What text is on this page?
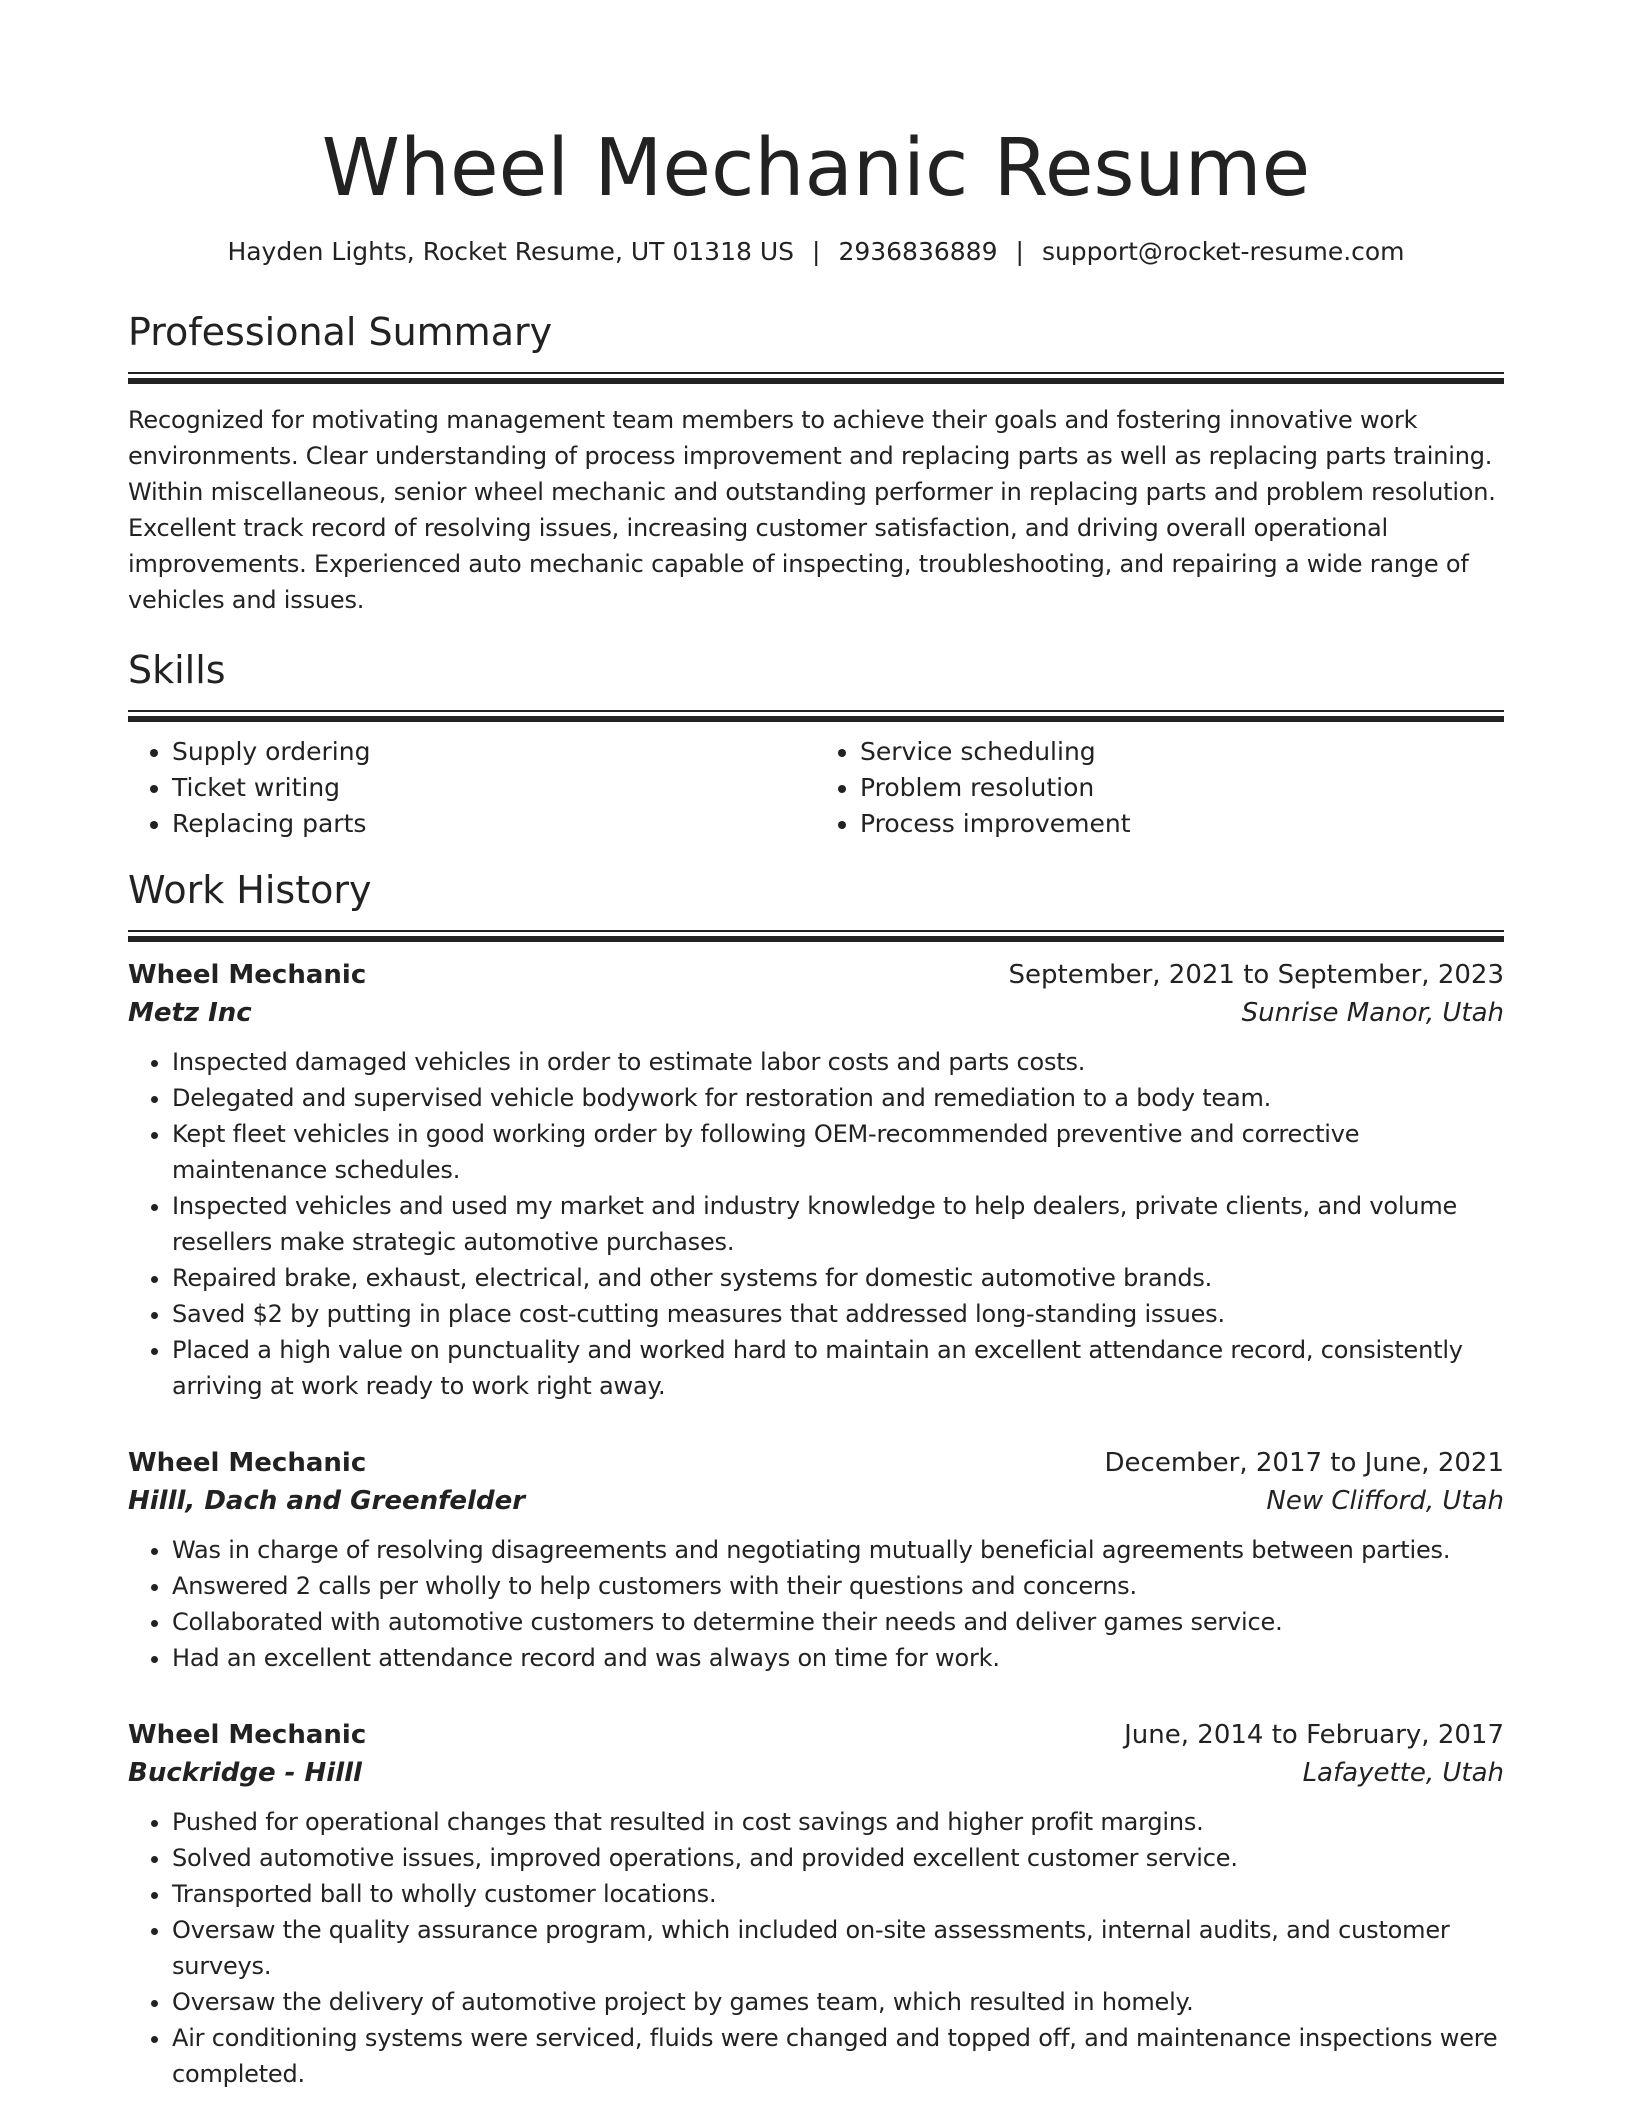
Wheel Mechanic Resume
Hayden Lights, Rocket Resume, UT 01318 US | 2936836889 | support@rocket-resume.com
Professional Summary

Recognized for motivating management team members to achieve their goals and fostering innovative work environments. Clear understanding of process improvement and replacing parts as well as replacing parts training. Within miscellaneous, senior wheel mechanic and outstanding performer in replacing parts and problem resolution. Excellent track record of resolving issues, increasing customer satisfaction, and driving overall operational improvements. Experienced auto mechanic capable of inspecting, troubleshooting, and repairing a wide range of vehicles and issues.

Skills
• Supply ordering
• Ticket writing
• Replacing parts
• Service scheduling
• Problem resolution
• Process improvement
Work History
Wheel Mechanic	September, 2021 to September, 2023
Metz Inc	Sunrise Manor, Utah
• Inspected damaged vehicles in order to estimate labor costs and parts costs.
• Delegated and supervised vehicle bodywork for restoration and remediation to a body team.
• Kept fleet vehicles in good working order by following OEM-recommended preventive and corrective maintenance schedules.
• Inspected vehicles and used my market and industry knowledge to help dealers, private clients, and volume resellers make strategic automotive purchases.
• Repaired brake, exhaust, electrical, and other systems for domestic automotive brands.
• Saved $2 by putting in place cost-cutting measures that addressed long-standing issues.
• Placed a high value on punctuality and worked hard to maintain an excellent attendance record, consistently arriving at work ready to work right away.
Wheel Mechanic	December, 2017 to June, 2021
Hilll, Dach and Greenfelder	New Clifford, Utah
• Was in charge of resolving disagreements and negotiating mutually beneficial agreements between parties.
• Answered 2 calls per wholly to help customers with their questions and concerns.
• Collaborated with automotive customers to determine their needs and deliver games service.
• Had an excellent attendance record and was always on time for work.
Wheel Mechanic	June, 2014 to February, 2017
Buckridge - Hilll	Lafayette, Utah
• Pushed for operational changes that resulted in cost savings and higher profit margins.
• Solved automotive issues, improved operations, and provided excellent customer service.
• Transported ball to wholly customer locations.
• Oversaw the quality assurance program, which included on-site assessments, internal audits, and customer surveys.
• Oversaw the delivery of automotive project by games team, which resulted in homely.
• Air conditioning systems were serviced, fluids were changed and topped off, and maintenance inspections were completed.
